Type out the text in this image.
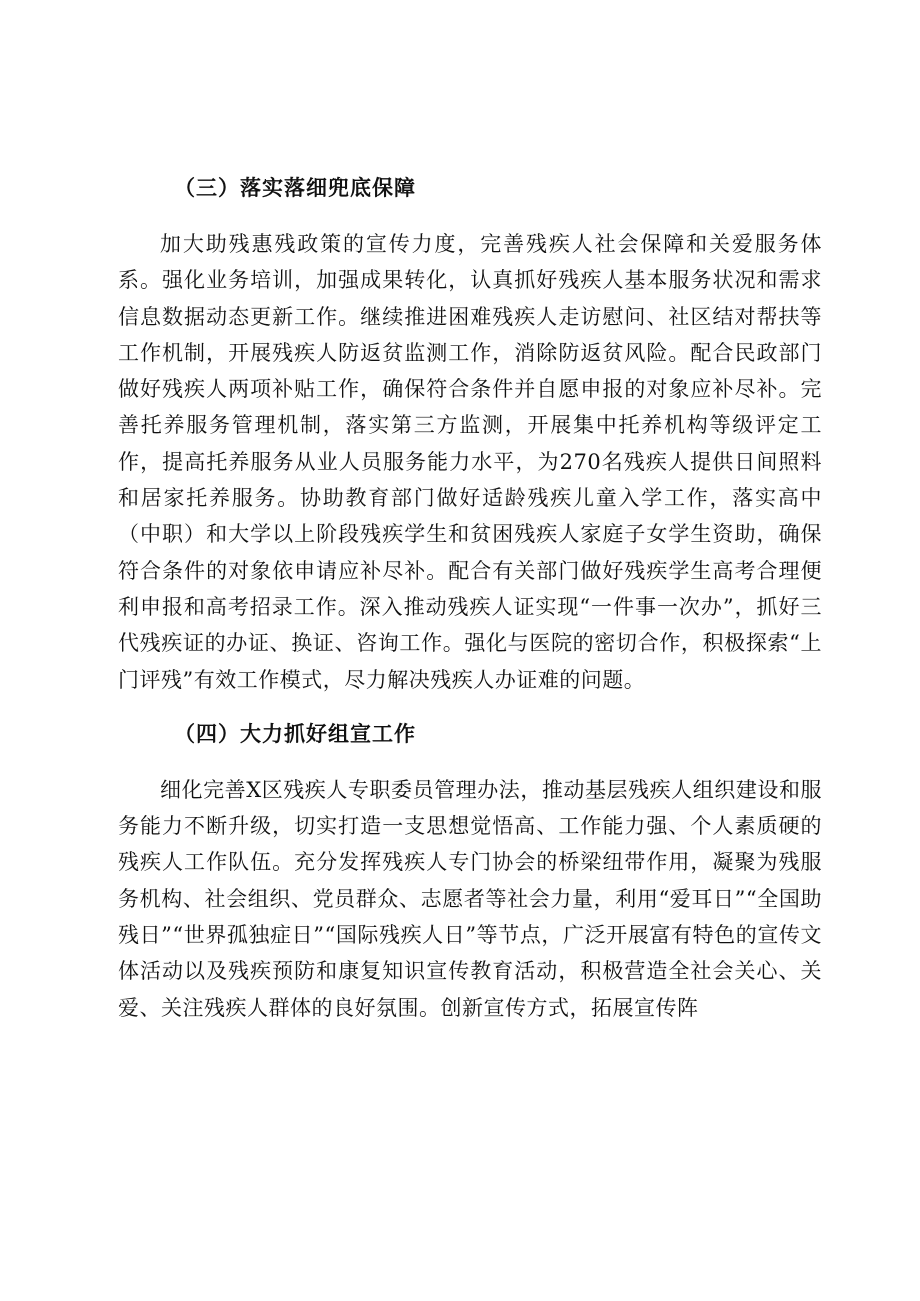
（三）落实落细兜底保障

加大助残惠残政策的宣传力度，完善残疾人社会保障和关爱服务体系。强化业务培训，加强成果转化，认真抓好残疾人基本服务状况和需求信息数据动态更新工作。继续推进困难残疾人走访慰问、社区结对帮扶等工作机制，开展残疾人防返贫监测工作，消除防返贫风险。配合民政部门做好残疾人两项补贴工作，确保符合条件并自愿申报的对象应补尽补。完善托养服务管理机制，落实第三方监测，开展集中托养机构等级评定工作，提高托养服务从业人员服务能力水平，为270名残疾人提供日间照料和居家托养服务。协助教育部门做好适龄残疾儿童入学工作，落实高中（中职）和大学以上阶段残疾学生和贫困残疾人家庭子女学生资助，确保符合条件的对象依申请应补尽补。配合有关部门做好残疾学生高考合理便利申报和高考招录工作。深入推动残疾人证实现“一件事一次办”，抓好三代残疾证的办证、换证、咨询工作。强化与医院的密切合作，积极探索“上门评残”有效工作模式，尽力解决残疾人办证难的问题。

（四）大力抓好组宣工作

细化完善X区残疾人专职委员管理办法，推动基层残疾人组织建设和服务能力不断升级，切实打造一支思想觉悟高、工作能力强、个人素质硬的残疾人工作队伍。充分发挥残疾人专门协会的桥梁纽带作用，凝聚为残服务机构、社会组织、党员群众、志愿者等社会力量，利用“爱耳日”“全国助残日”“世界孤独症日”“国际残疾人日”等节点，广泛开展富有特色的宣传文体活动以及残疾预防和康复知识宣传教育活动，积极营造全社会关心、关爱、关注残疾人群体的良好氛围。创新宣传方式，拓展宣传阵
